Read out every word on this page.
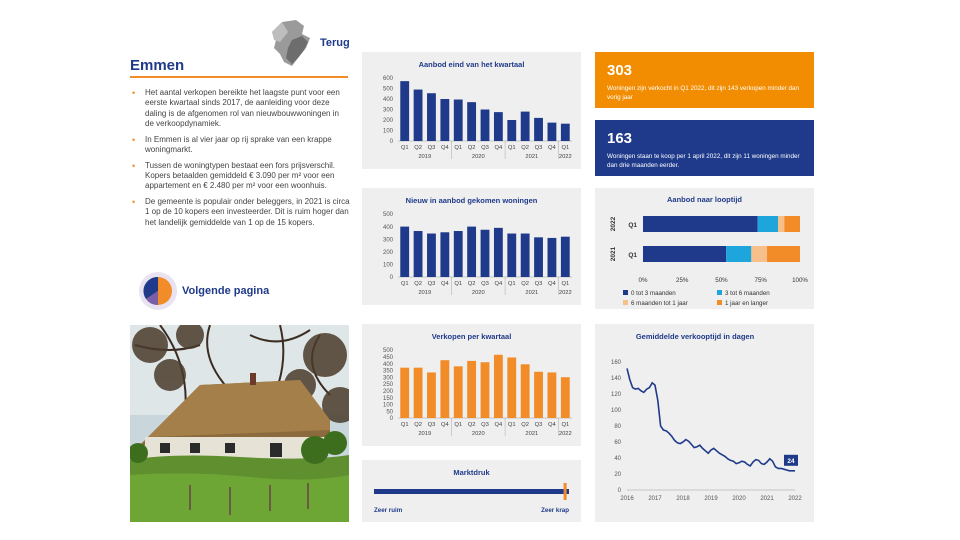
Terug
Emmen
• Het aantal verkopen bereikte het laagste punt voor een eerste kwartaal sinds 2017, de aanleiding voor deze daling is de afgenomen rol van nieuwbouwwoningen in de verkoopdynamiek.
• In Emmen is al vier jaar op rij sprake van een krappe woningmarkt.
• Tussen de woningtypen bestaat een fors prijsverschil. Kopers betaalden gemiddeld € 3.090 per m² voor een appartement en € 2.480 per m² voor een woonhuis.
• De gemeente is populair onder beleggers, in 2021 is circa 1 op de 10 kopers een investeerder. Dit is ruim hoger dan het landelijk gemiddelde van 1 op de 15 kopers.
Volgende pagina
Aanbod eind van het kwartaal
0
100
200
300
400
500
600
Q1 Q2 Q3 Q4 Q1 Q2 Q3 Q4 Q1 Q2 Q3 Q4 Q1
2019	2020	2021	2022
Nieuw in aanbod gekomen woningen
0
100
200
300
400
500
Q1 Q2 Q3 Q4 Q1 Q2 Q3 Q4 Q1 Q2 Q3 Q4 Q1
2019	2020	2021	2022
Verkopen per kwartaal
0
50
100
150
200
250
300
350
400
450
500
Q1 Q2 Q3 Q4 Q1 Q2 Q3 Q4 Q1 Q2 Q3 Q4 Q1
2019	2020	2021	2022
Marktdruk
Zeer ruim	Zeer krap
303
Woningen zijn verkocht in Q1 2022, dit zijn 143 verkopen minder dan vorig jaar
163
Woningen staan te koop per 1 april 2022, dit zijn 11 woningen minder dan drie maanden eerder.
Aanbod naar looptijd
Q1
2022
Q1
2021
0%	25%	50%	75%	100%
0 tot 3 maanden	3 tot 6 maanden
6 maanden tot 1 jaar	1 jaar en langer
Gemiddelde verkooptijd in dagen
0
20
40
60
80
100
120
140
160
2016 2017 2018 2019 2020 2021 2022
24
